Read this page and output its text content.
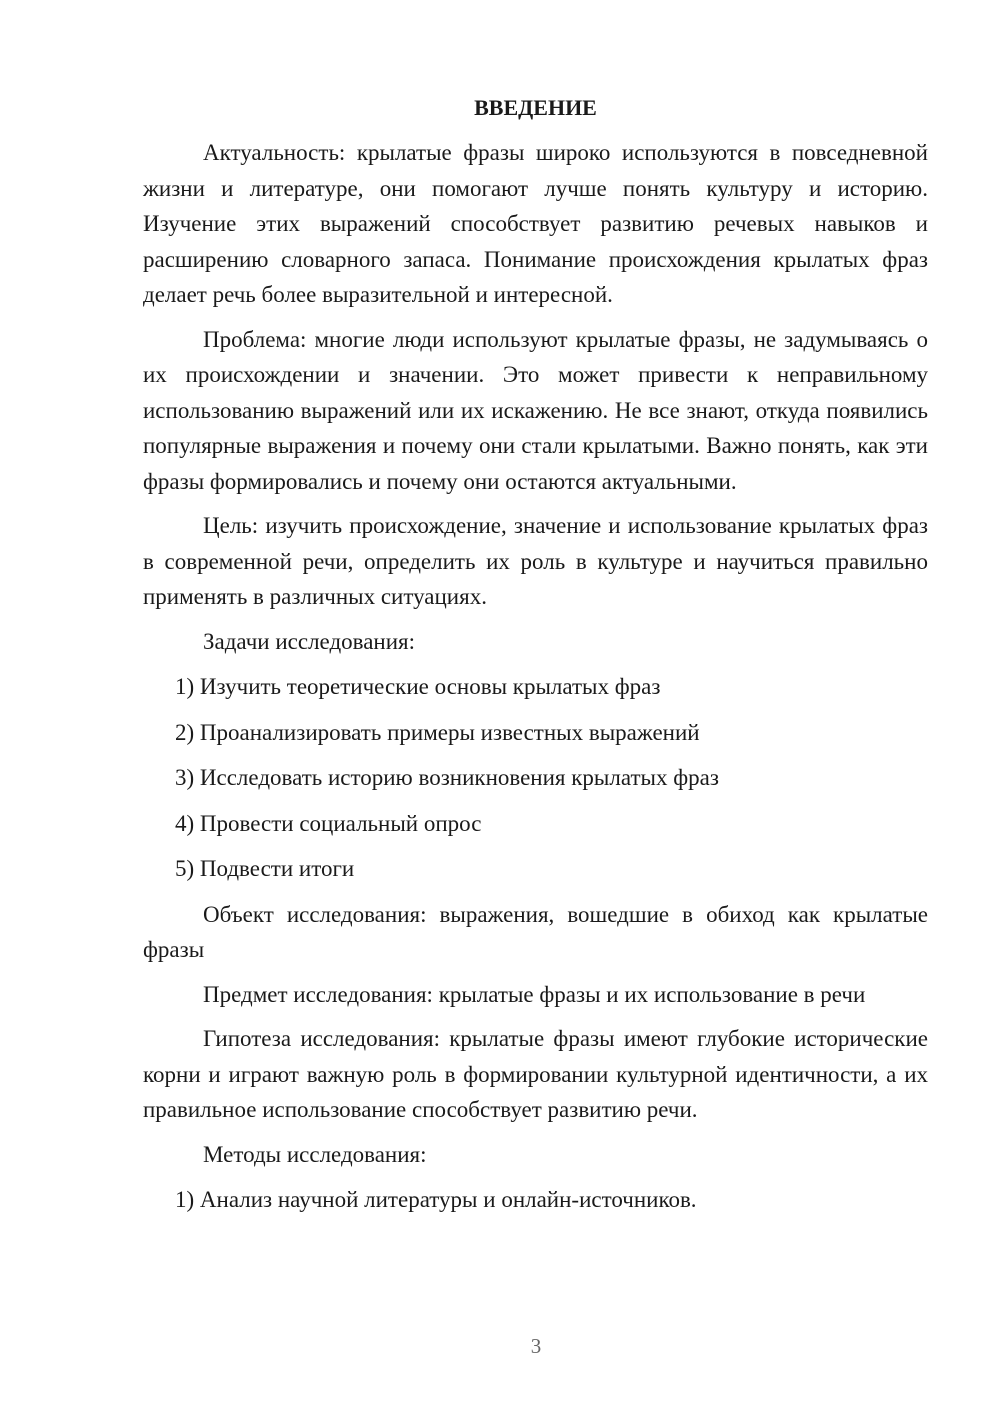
ВВЕДЕНИЕ

Актуальность: крылатые фразы широко используются в повседневной жизни и литературе, они помогают лучше понять культуру и историю. Изучение этих выражений способствует развитию речевых навыков и расширению словарного запаса. Понимание происхождения крылатых фраз делает речь более выразительной и интересной.

Проблема: многие люди используют крылатые фразы, не задумываясь о их происхождении и значении. Это может привести к неправильному использованию выражений или их искажению. Не все знают, откуда появились популярные выражения и почему они стали крылатыми. Важно понять, как эти фразы формировались и почему они остаются актуальными.

Цель: изучить происхождение, значение и использование крылатых фраз в современной речи, определить их роль в культуре и научиться правильно применять в различных ситуациях.

Задачи исследования:

1) Изучить теоретические основы крылатых фраз
2) Проанализировать примеры известных выражений
3) Исследовать историю возникновения крылатых фраз
4) Провести социальный опрос
5) Подвести итоги

Объект исследования: выражения, вошедшие в обиход как крылатые фразы

Предмет исследования: крылатые фразы и их использование в речи

Гипотеза исследования: крылатые фразы имеют глубокие исторические корни и играют важную роль в формировании культурной идентичности, а их правильное использование способствует развитию речи.

Методы исследования:

1) Анализ научной литературы и онлайн-источников.
3
